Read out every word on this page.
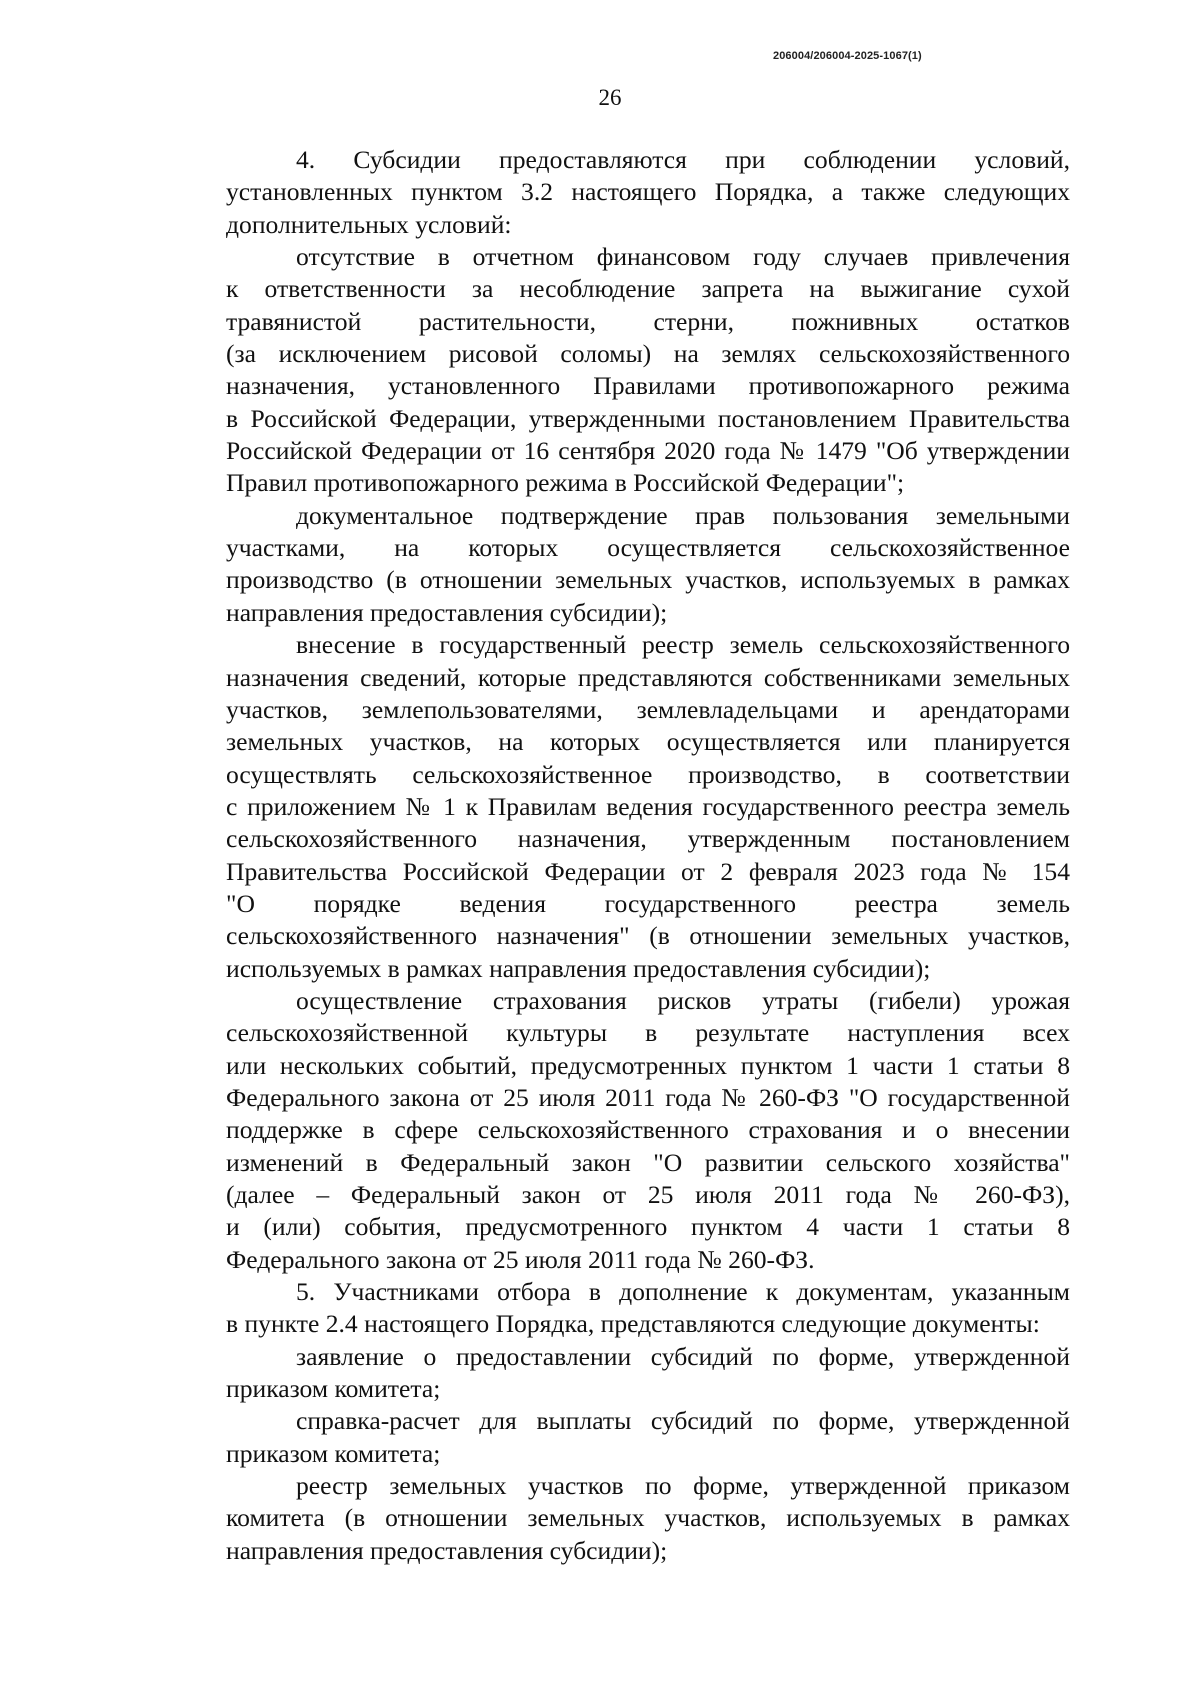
206004/206004-2025-1067(1)
26
4. Субсидии предоставляются при соблюдении условий,
установленных пунктом 3.2 настоящего Порядка, а также следующих
дополнительных условий:
отсутствие в отчетном финансовом году случаев привлечения
к ответственности за несоблюдение запрета на выжигание сухой
травянистой растительности, стерни, пожнивных остатков
(за исключением рисовой соломы) на землях сельскохозяйственного
назначения, установленного Правилами противопожарного режима
в Российской Федерации, утвержденными постановлением Правительства
Российской Федерации от 16 сентября 2020 года № 1479 "Об утверждении
Правил противопожарного режима в Российской Федерации";
документальное подтверждение прав пользования земельными
участками, на которых осуществляется сельскохозяйственное
производство (в отношении земельных участков, используемых в рамках
направления предоставления субсидии);
внесение в государственный реестр земель сельскохозяйственного
назначения сведений, которые представляются собственниками земельных
участков, землепользователями, землевладельцами и арендаторами
земельных участков, на которых осуществляется или планируется
осуществлять сельскохозяйственное производство, в соответствии
с приложением № 1 к Правилам ведения государственного реестра земель
сельскохозяйственного назначения, утвержденным постановлением
Правительства Российской Федерации от 2 февраля 2023 года № 154
"О порядке ведения государственного реестра земель
сельскохозяйственного назначения" (в отношении земельных участков,
используемых в рамках направления предоставления субсидии);
осуществление страхования рисков утраты (гибели) урожая
сельскохозяйственной культуры в результате наступления всех
или нескольких событий, предусмотренных пунктом 1 части 1 статьи 8
Федерального закона от 25 июля 2011 года № 260-ФЗ "О государственной
поддержке в сфере сельскохозяйственного страхования и о внесении
изменений в Федеральный закон "О развитии сельского хозяйства"
(далее – Федеральный закон от 25 июля 2011 года № 260-ФЗ),
и (или) события, предусмотренного пунктом 4 части 1 статьи 8
Федерального закона от 25 июля 2011 года № 260-ФЗ.
5. Участниками отбора в дополнение к документам, указанным
в пункте 2.4 настоящего Порядка, представляются следующие документы:
заявление о предоставлении субсидий по форме, утвержденной
приказом комитета;
справка-расчет для выплаты субсидий по форме, утвержденной
приказом комитета;
реестр земельных участков по форме, утвержденной приказом
комитета (в отношении земельных участков, используемых в рамках
направления предоставления субсидии);
